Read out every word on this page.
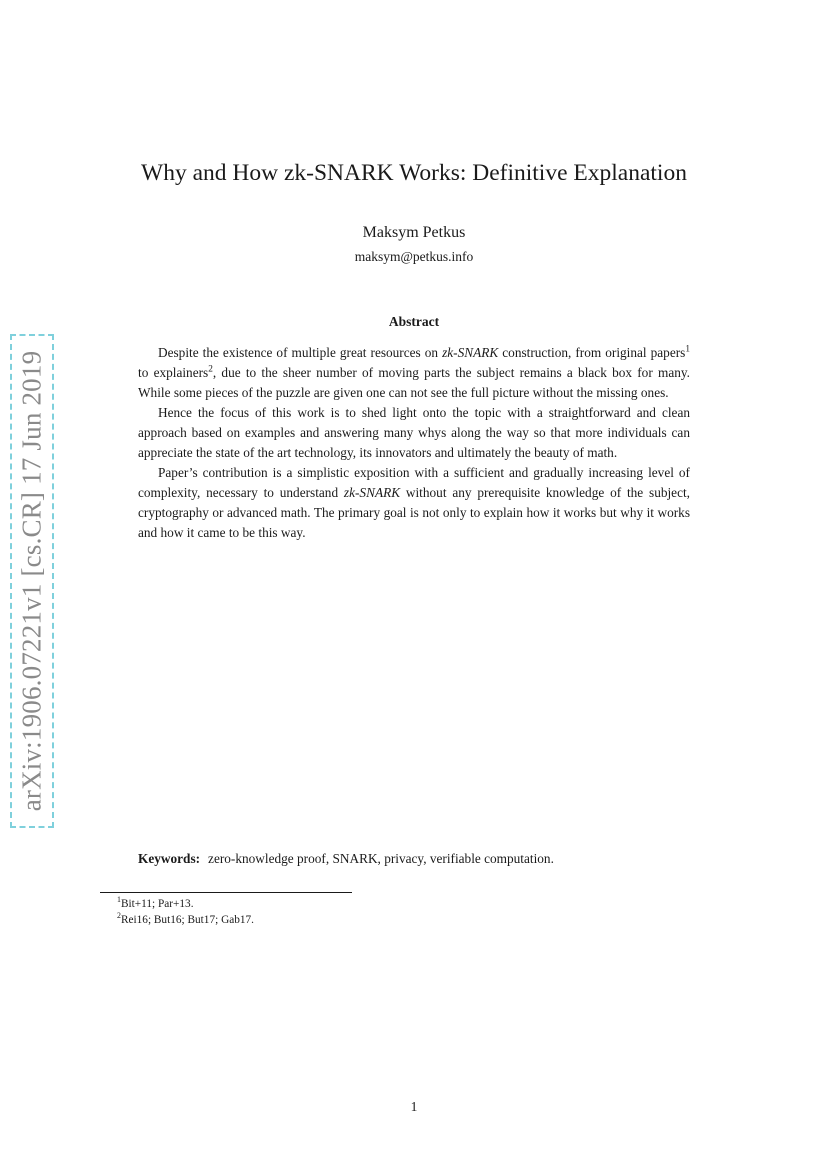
arXiv:1906.07221v1 [cs.CR] 17 Jun 2019
Why and How zk-SNARK Works: Definitive Explanation
Maksym Petkus
maksym@petkus.info
Abstract

Despite the existence of multiple great resources on zk-SNARK construction, from original papers$^1$ to explainers$^2$, due to the sheer number of moving parts the subject remains a black box for many. While some pieces of the puzzle are given one can not see the full picture without the missing ones.

Hence the focus of this work is to shed light onto the topic with a straightforward and clean approach based on examples and answering many whys along the way so that more individuals can appreciate the state of the art technology, its innovators and ultimately the beauty of math.

Paper’s contribution is a simplistic exposition with a sufficient and gradually increasing level of complexity, necessary to understand zk-SNARK without any prerequisite knowledge of the subject, cryptography or advanced math. The primary goal is not only to explain how it works but why it works and how it came to be this way.

Keywords: zero-knowledge proof, SNARK, privacy, verifiable computation.
$^1$Bit+11; Par+13.
$^2$Rei16; But16; But17; Gab17.
1
